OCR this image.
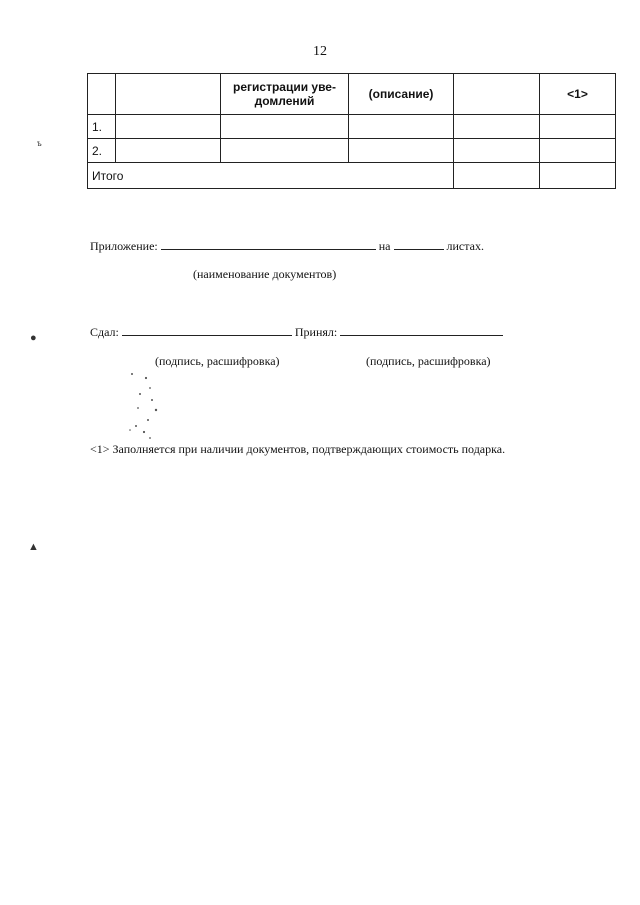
12
		регистрации уве-
домлений	(описание)		<1>
1.					
2.					
Итого					
Приложение:	на	листах.
(наименование документов)
Сдал:	Принял:
(подпись, расшифровка)	(подпись, расшифровка)
<1> Заполняется при наличии документов, подтверждающих стоимость подарка.
ъ
●
▲
